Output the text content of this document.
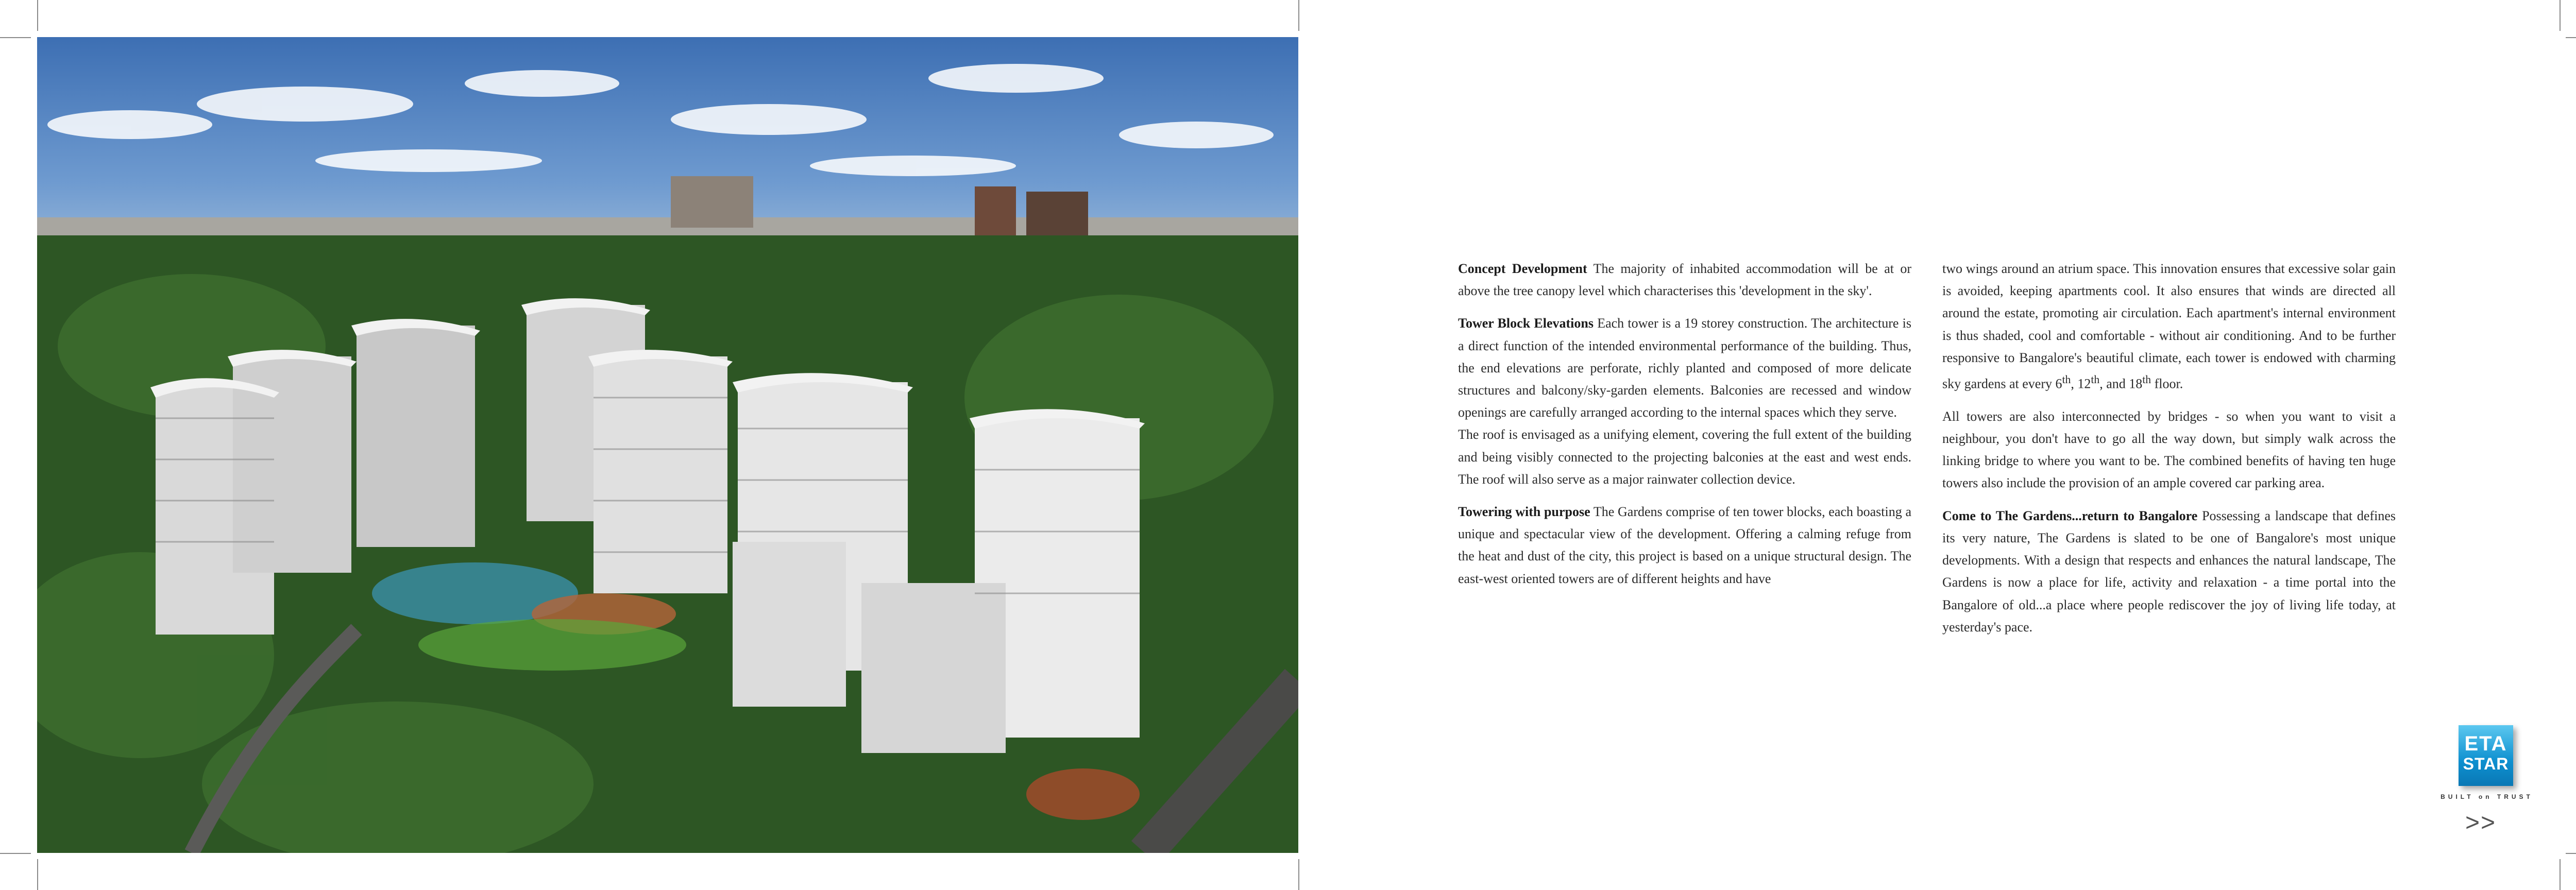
Concept Development The majority of inhabited accommodation will be at or above the tree canopy level which characterises this 'development in the sky'.

Tower Block Elevations Each tower is a 19 storey construction. The architecture is a direct function of the intended environmental performance of the building. Thus, the end elevations are perforate, richly planted and composed of more delicate structures and balcony/sky-garden elements. Balconies are recessed and window openings are carefully arranged according to the internal spaces which they serve.

The roof is envisaged as a unifying element, covering the full extent of the building and being visibly connected to the projecting balconies at the east and west ends. The roof will also serve as a major rainwater collection device.

Towering with purpose The Gardens comprise of ten tower blocks, each boasting a unique and spectacular view of the development. Offering a calming refuge from the heat and dust of the city, this project is based on a unique structural design. The east-west oriented towers are of different heights and have

two wings around an atrium space. This innovation ensures that excessive solar gain is avoided, keeping apartments cool. It also ensures that winds are directed all around the estate, promoting air circulation. Each apartment's internal environment is thus shaded, cool and comfortable - without air conditioning. And to be further responsive to Bangalore's beautiful climate, each tower is endowed with charming sky gardens at every 6th, 12th, and 18th floor.

All towers are also interconnected by bridges - so when you want to visit a neighbour, you don't have to go all the way down, but simply walk across the linking bridge to where you want to be. The combined benefits of having ten huge towers also include the provision of an ample covered car parking area.

Come to The Gardens...return to Bangalore Possessing a landscape that defines its very nature, The Gardens is slated to be one of Bangalore's most unique developments. With a design that respects and enhances the natural landscape, The Gardens is now a place for life, activity and relaxation - a time portal into the Bangalore of old...a place where people rediscover the joy of living life today, at yesterday's pace.

ETA
STAR
BUILT on TRUST
>>
